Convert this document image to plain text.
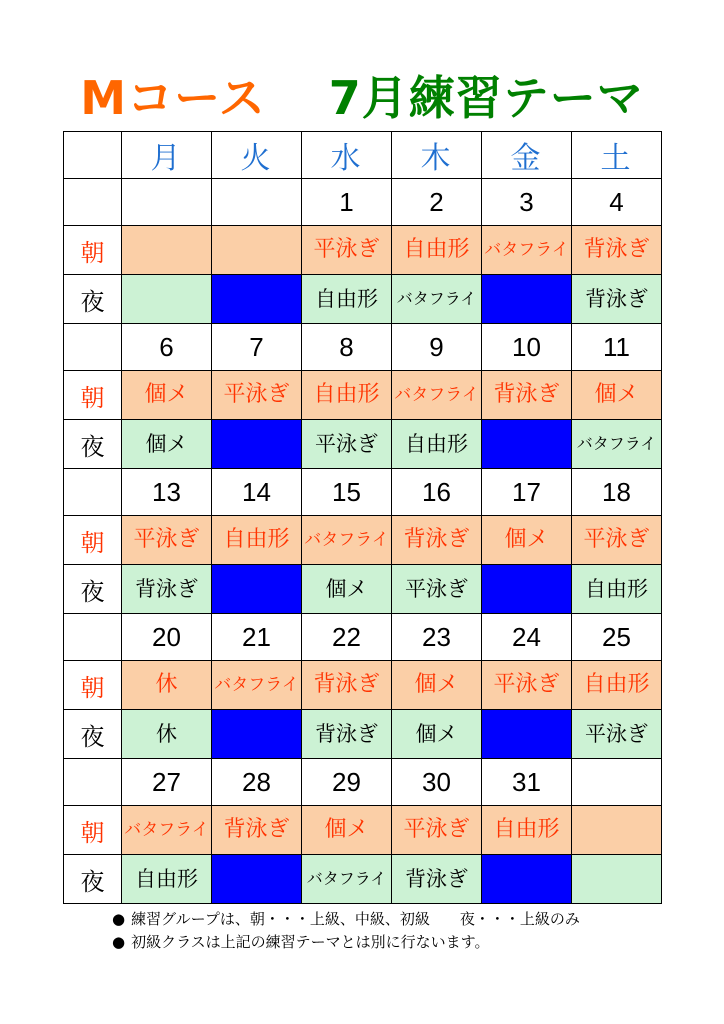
Mコース 7月練習テーマ
	月	火	水	木	金	土
			1	2	3	4
朝			平泳ぎ	自由形	バタフライ	背泳ぎ

夜			自由形	バタフライ		背泳ぎ

	6	7	8	9	10	11
朝	個メ	平泳ぎ	自由形	バタフライ	背泳ぎ	個メ

夜	個メ		平泳ぎ	自由形		バタフライ

	13	14	15	16	17	18
朝	平泳ぎ	自由形	バタフライ	背泳ぎ	個メ	平泳ぎ

夜	背泳ぎ		個メ	平泳ぎ		自由形

	20	21	22	23	24	25
朝	休	バタフライ	背泳ぎ	個メ	平泳ぎ	自由形

夜	休		背泳ぎ	個メ		平泳ぎ

	27	28	29	30	31	
朝	バタフライ	背泳ぎ	個メ	平泳ぎ	自由形	

夜	自由形		バタフライ	背泳ぎ		

● 練習グループは、朝・・・上級、中級、初級　　夜・・・上級のみ
● 初級クラスは上記の練習テーマとは別に行ないます。
